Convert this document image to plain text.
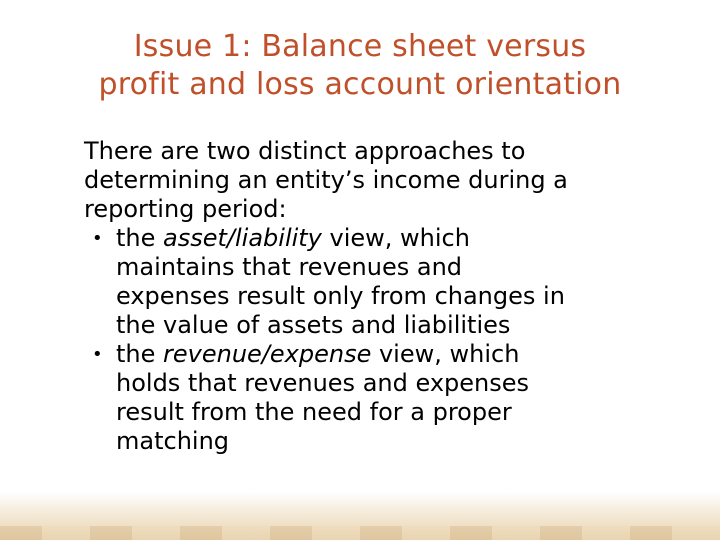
Issue 1: Balance sheet versus
profit and loss account orientation
There are two distinct approaches to
determining an entity’s income during a
reporting period:
• the asset/liability view, which
maintains that revenues and
expenses result only from changes in
the value of assets and liabilities
• the revenue/expense view, which
holds that revenues and expenses
result from the need for a proper
matching
